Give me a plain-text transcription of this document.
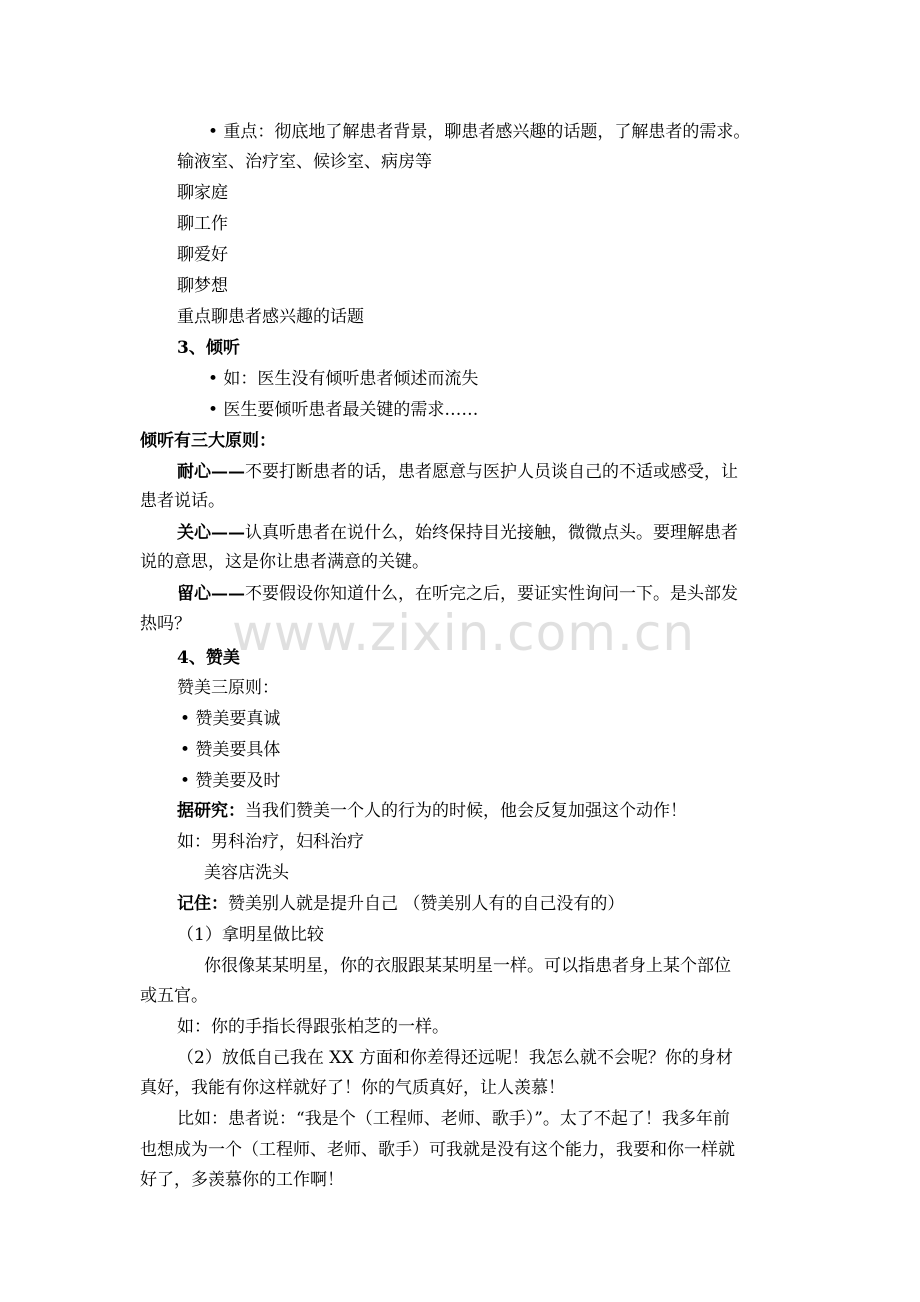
• 重点：彻底地了解患者背景，聊患者感兴趣的话题，了解患者的需求。
输液室、治疗室、候诊室、病房等
聊家庭
聊工作
聊爱好
聊梦想
重点聊患者感兴趣的话题
3、倾听
• 如：医生没有倾听患者倾述而流失
• 医生要倾听患者最关键的需求……
倾听有三大原则：
耐心——不要打断患者的话，患者愿意与医护人员谈自己的不适或感受，让
患者说话。
关心——认真听患者在说什么，始终保持目光接触，微微点头。要理解患者
说的意思，这是你让患者满意的关键。
留心——不要假设你知道什么，在听完之后，要证实性询问一下。是头部发
热吗？
4、赞美
赞美三原则：
• 赞美要真诚
• 赞美要具体
• 赞美要及时
据研究：当我们赞美一个人的行为的时候，他会反复加强这个动作！
如：男科治疗，妇科治疗
美容店洗头
记住：赞美别人就是提升自己 （赞美别人有的自己没有的）
（1）拿明星做比较
你很像某某明星，你的衣服跟某某明星一样。可以指患者身上某个部位
或五官。
如：你的手指长得跟张柏芝的一样。
（2）放低自己我在 XX 方面和你差得还远呢！我怎么就不会呢？你的身材
真好，我能有你这样就好了！你的气质真好，让人羡慕！
比如：患者说：“我是个（工程师、老师、歌手）”。太了不起了！我多年前
也想成为一个（工程师、老师、歌手）可我就是没有这个能力，我要和你一样就
好了，多羡慕你的工作啊！
www.zixin.com.cn
